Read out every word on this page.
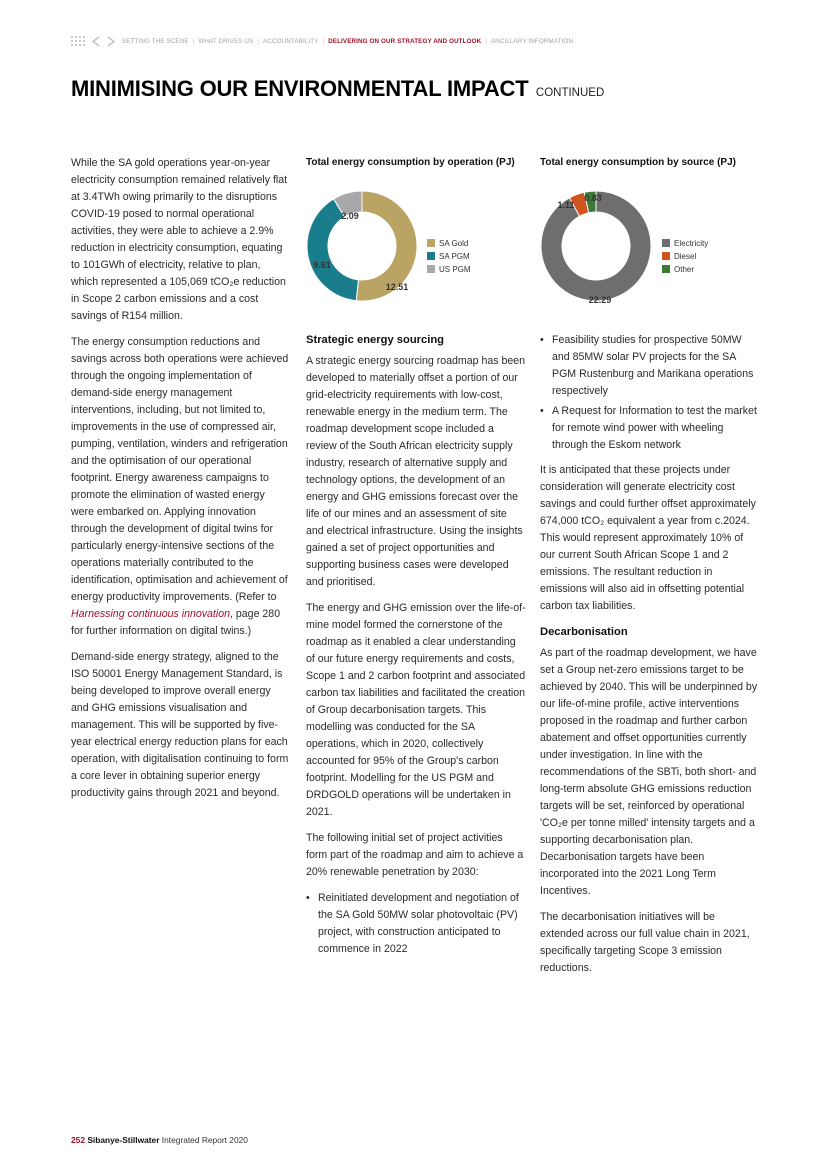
SETTING THE SCENE | WHAT DRIVES US | ACCOUNTABILITY | DELIVERING ON OUR STRATEGY AND OUTLOOK | ANCILLARY INFORMATION
MINIMISING OUR ENVIRONMENTAL IMPACT CONTINUED

While the SA gold operations year-on-year electricity consumption remained relatively flat at 3.4TWh owing primarily to the disruptions COVID-19 posed to normal operational activities, they were able to achieve a 2.9% reduction in electricity consumption, equating to 101GWh of electricity, relative to plan, which represented a 105,069 tCO₂e reduction in Scope 2 carbon emissions and a cost savings of R154 million.

The energy consumption reductions and savings across both operations were achieved through the ongoing implementation of demand-side energy management interventions, including, but not limited to, improvements in the use of compressed air, pumping, ventilation, winders and refrigeration and the optimisation of our operational footprint. Energy awareness campaigns to promote the elimination of wasted energy were embarked on. Applying innovation through the development of digital twins for particularly energy-intensive sections of the operations materially contributed to the identification, optimisation and achievement of energy productivity improvements. (Refer to Harnessing continuous innovation, page 280 for further information on digital twins.)

Demand-side energy strategy, aligned to the ISO 50001 Energy Management Standard, is being developed to improve overall energy and GHG emissions visualisation and management. This will be supported by five-year electrical energy reduction plans for each operation, with digitalisation continuing to form a core lever in obtaining superior energy productivity gains through 2021 and beyond.

Total energy consumption by operation (PJ)
12.51
9.61
2.09
SA Gold
SA PGM
US PGM
Total energy consumption by source (PJ)
22.29
1.11
0.83
Electricity
Diesel
Other
Strategic energy sourcing

A strategic energy sourcing roadmap has been developed to materially offset a portion of our grid-electricity requirements with low-cost, renewable energy in the medium term. The roadmap development scope included a review of the South African electricity supply industry, research of alternative supply and technology options, the development of an energy and GHG emissions forecast over the life of our mines and an assessment of site and electrical infrastructure. Using the insights gained a set of project opportunities and supporting business cases were developed and prioritised.

The energy and GHG emission over the life-of-mine model formed the cornerstone of the roadmap as it enabled a clear understanding of our future energy requirements and costs, Scope 1 and 2 carbon footprint and associated carbon tax liabilities and facilitated the creation of Group decarbonisation targets. This modelling was conducted for the SA operations, which in 2020, collectively accounted for 95% of the Group's carbon footprint. Modelling for the US PGM and DRDGOLD operations will be undertaken in 2021.

The following initial set of project activities form part of the roadmap and aim to achieve a 20% renewable penetration by 2030:

• Reinitiated development and negotiation of the SA Gold 50MW solar photovoltaic (PV) project, with construction anticipated to commence in 2022
• Feasibility studies for prospective 50MW and 85MW solar PV projects for the SA PGM Rustenburg and Marikana operations respectively
• A Request for Information to test the market for remote wind power with wheeling through the Eskom network

It is anticipated that these projects under consideration will generate electricity cost savings and could further offset approximately 674,000 tCO₂ equivalent a year from c.2024. This would represent approximately 10% of our current South African Scope 1 and 2 emissions. The resultant reduction in emissions will also aid in offsetting potential carbon tax liabilities.

Decarbonisation

As part of the roadmap development, we have set a Group net-zero emissions target to be achieved by 2040. This will be underpinned by our life-of-mine profile, active interventions proposed in the roadmap and further carbon abatement and offset opportunities currently under investigation. In line with the recommendations of the SBTi, both short- and long-term absolute GHG emissions reduction targets will be set, reinforced by operational 'CO₂e per tonne milled' intensity targets and a supporting decarbonisation plan. Decarbonisation targets have been incorporated into the 2021 Long Term Incentives.

The decarbonisation initiatives will be extended across our full value chain in 2021, specifically targeting Scope 3 emission reductions.

252 Sibanye-Stillwater Integrated Report 2020
